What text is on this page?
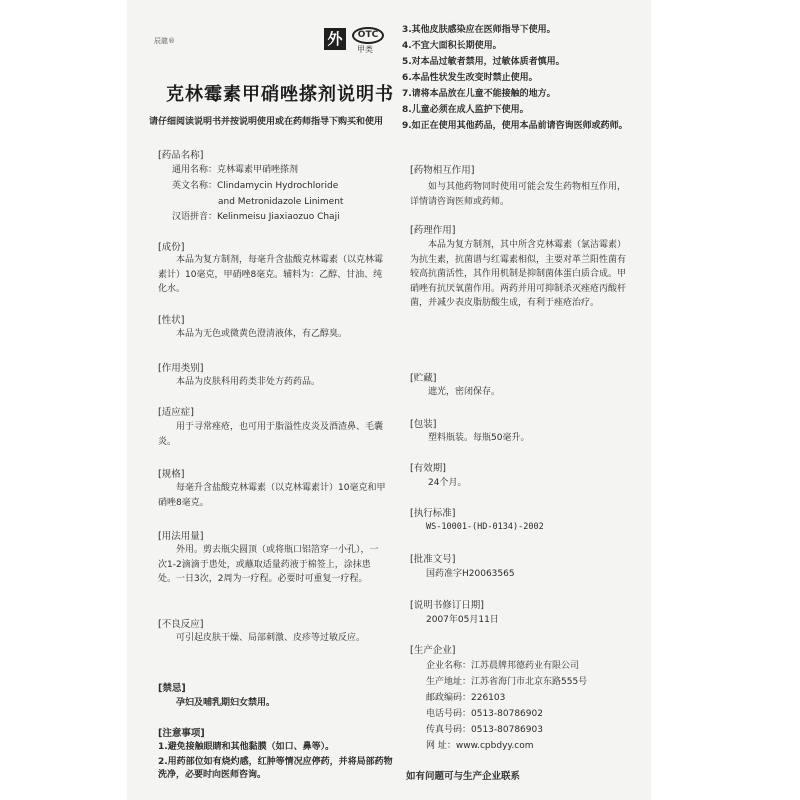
辰龍®	外	OTC
甲类
克林霉素甲硝唑搽剂说明书
请仔细阅读说明书并按说明使用或在药师指导下购买和使用
[药品名称]
通用名称：克林霉素甲硝唑搽剂
英文名称：Clindamycin Hydrochloride
and Metronidazole Liniment
汉语拼音：Kelinmeisu Jiaxiaozuo Chaji
[成份]
本品为复方制剂，每毫升含盐酸克林霉素（以克林霉素计）10毫克，甲硝唑8毫克。辅料为：乙醇、甘油、纯化水。
[性状]
本品为无色或微黄色澄清液体，有乙醇臭。
[作用类别]
本品为皮肤科用药类非处方药药品。
[适应症]
用于寻常痤疮，也可用于脂溢性皮炎及酒渣鼻、毛囊炎。
[规格]
每毫升含盐酸克林霉素（以克林霉素计）10毫克和甲硝唑8毫克。
[用法用量]
外用。剪去瓶尖圆顶（或将瓶口铝箔穿一小孔），一次1-2滴滴于患处，或蘸取适量药液于棉签上，涂抹患处。一日3次，2周为一疗程。必要时可重复一疗程。
[不良反应]
可引起皮肤干燥、局部刺激、皮疹等过敏反应。
[禁忌]
孕妇及哺乳期妇女禁用。
[注意事项]
1.避免接触眼睛和其他黏膜（如口、鼻等）。
2.用药部位如有烧灼感，红肿等情况应停药，并将局部药物洗净，必要时向医师咨询。
3.其他皮肤感染应在医师指导下使用。
4.不宜大面积长期使用。
5.对本品过敏者禁用，过敏体质者慎用。
6.本品性状发生改变时禁止使用。
7.请将本品放在儿童不能接触的地方。
8.儿童必须在成人监护下使用。
9.如正在使用其他药品，使用本品前请咨询医师或药师。
[药物相互作用]
如与其他药物同时使用可能会发生药物相互作用，详情请咨询医师或药师。
[药理作用]
本品为复方制剂，其中所含克林霉素（氯洁霉素）为抗生素，抗菌谱与红霉素相似，主要对革兰阳性菌有较高抗菌活性，其作用机制是抑制菌体蛋白质合成。甲硝唑有抗厌氧菌作用。两药并用可抑制杀灭痤疮丙酸杆菌，并减少表皮脂肪酸生成，有利于痤疮治疗。
[贮藏]
遮光，密闭保存。
[包装]
塑料瓶装。每瓶50毫升。
[有效期]
24个月。
[执行标准]
WS-10001-(HD-0134)-2002
[批准文号]
国药准字H20063565
[说明书修订日期]
2007年05月11日
[生产企业]
企业名称：江苏晨牌邦德药业有限公司
生产地址：江苏省海门市北京东路555号
邮政编码：226103
电话号码：0513-80786902
传真号码：0513-80786903
网 址：www.cpbdyy.com
如有问题可与生产企业联系
